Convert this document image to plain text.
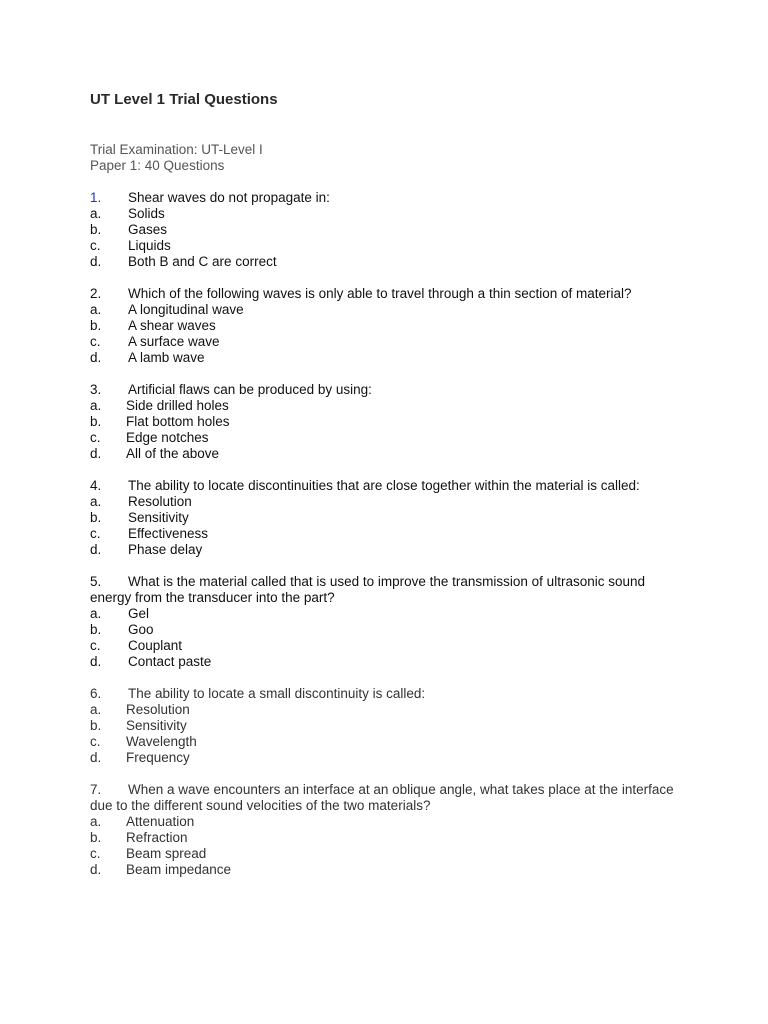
UT Level 1 Trial Questions
Trial Examination: UT-Level I
Paper 1: 40 Questions
1.	Shear waves do not propagate in:
a.	Solids
b.	Gases
c.	Liquids
d.	Both B and C are correct
2.	Which of the following waves is only able to travel through a thin section of material?
a.	A longitudinal wave
b.	A shear waves
c.	A surface wave
d.	A lamb wave
3.	Artificial flaws can be produced by using:
a.	Side drilled holes
b.	Flat bottom holes
c.	Edge notches
d.	All of the above
4.	The ability to locate discontinuities that are close together within the material is called:
a.	Resolution
b.	Sensitivity
c.	Effectiveness
d.	Phase delay
5. What is the material called that is used to improve the transmission of ultrasonic sound energy from the transducer into the part?
a.	Gel
b.	Goo
c.	Couplant
d.	Contact paste
6.	The ability to locate a small discontinuity is called:
a.	Resolution
b.	Sensitivity
c.	Wavelength
d.	Frequency
7. When a wave encounters an interface at an oblique angle, what takes place at the interface due to the different sound velocities of the two materials?
a.	Attenuation
b.	Refraction
c.	Beam spread
d.	Beam impedance
